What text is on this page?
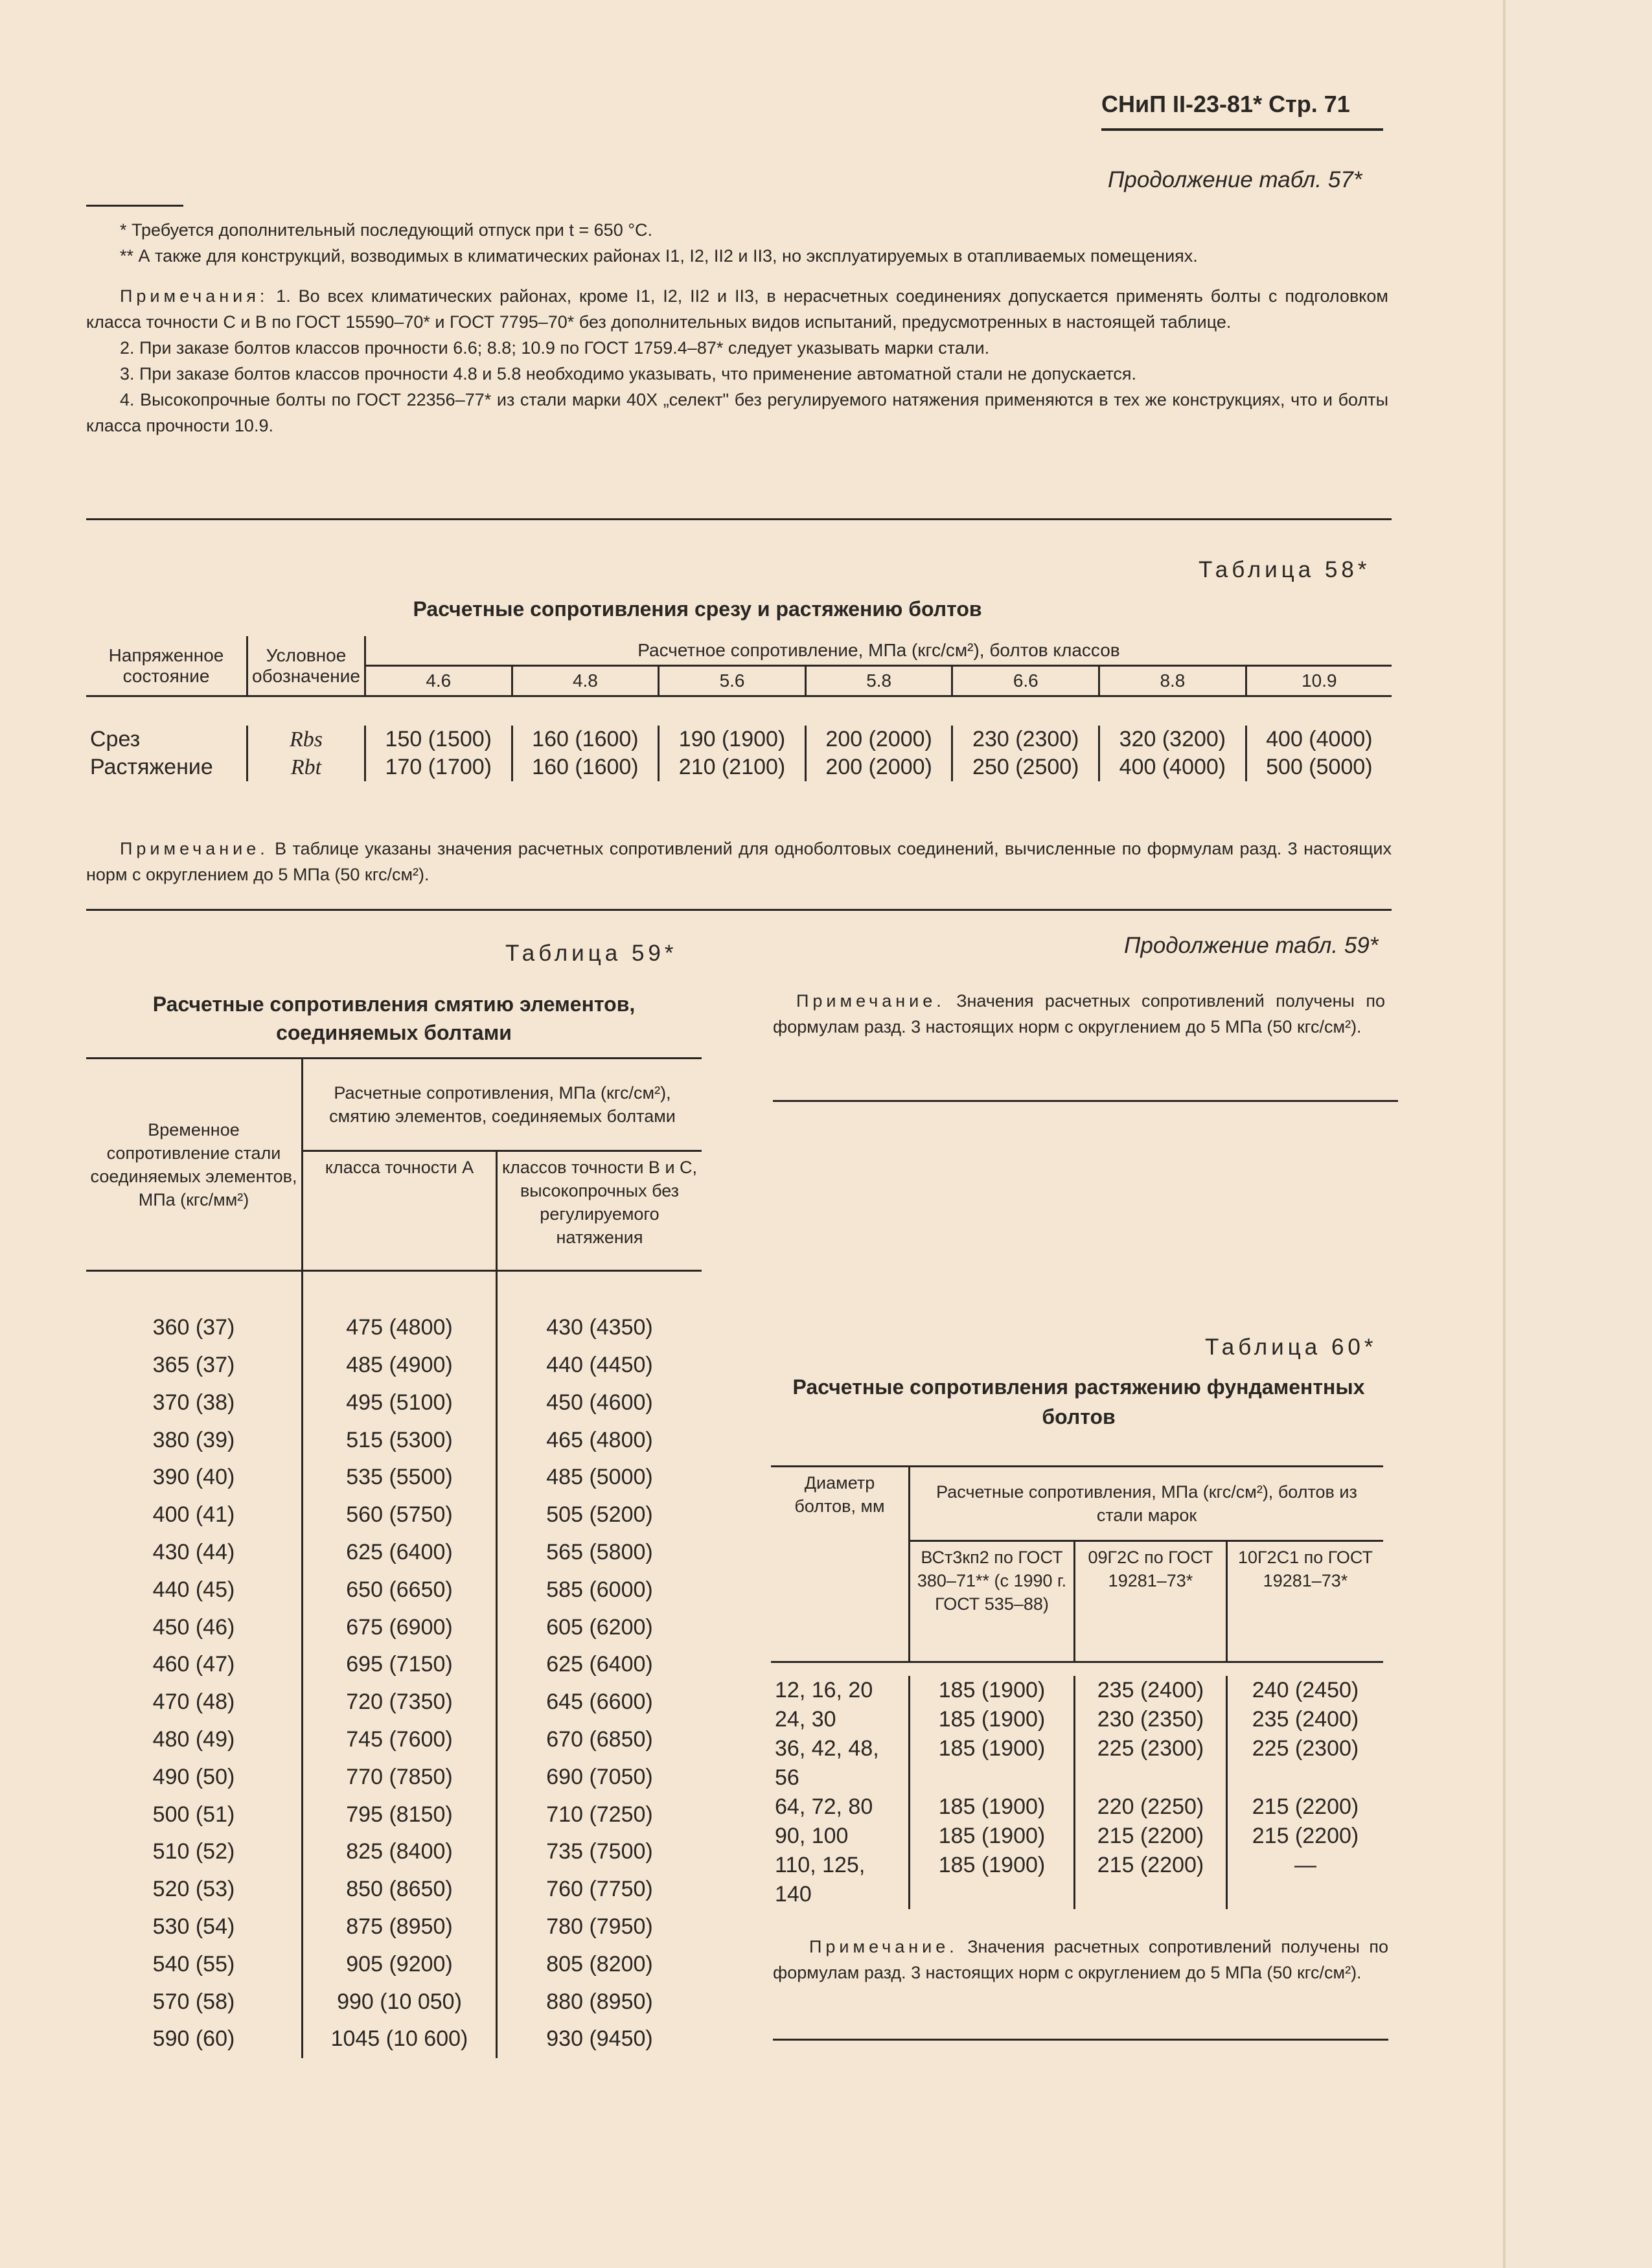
СНиП II-23-81* Стр. 71
Продолжение табл. 57*

* Требуется дополнительный последующий отпуск при t = 650 °С.

** А также для конструкций, возводимых в климатических районах I1, I2, II2 и II3, но эксплуатируемых в отапливаемых помещениях.

Примечания: 1. Во всех климатических районах, кроме I1, I2, II2 и II3, в нерасчетных соединениях допускается применять болты с подголовком класса точности С и В по ГОСТ 15590–70* и ГОСТ 7795–70* без дополнительных видов испытаний, предусмотренных в настоящей таблице.

2. При заказе болтов классов прочности 6.6; 8.8; 10.9 по ГОСТ 1759.4–87* следует указывать марки стали.

3. При заказе болтов классов прочности 4.8 и 5.8 необходимо указывать, что применение автоматной стали не допускается.

4. Высокопрочные болты по ГОСТ 22356–77* из стали марки 40Х „селект" без регулируемого натяжения применяются в тех же конструкциях, что и болты класса прочности 10.9.

Таблица 58*
Расчетные сопротивления срезу и растяжению болтов
Напряженное состояние	Условное обозначение	Расчетное сопротивление, МПа (кгс/см²), болтов классов						
		4.6	4.8	5.6	5.8	6.6	8.8	10.9

Срез	Rbs	150 (1500)	160 (1600)	190 (1900)	200 (2000)	230 (2300)	320 (3200)	400 (4000)
Растяжение	Rbt	170 (1700)	160 (1600)	210 (2100)	200 (2000)	250 (2500)	400 (4000)	500 (5000)
Примечание. В таблице указаны значения расчетных сопротивлений для одноболтовых соединений, вычисленные по формулам разд. 3 настоящих норм с округлением до 5 МПа (50 кгс/см²).
Таблица 59*
Расчетные сопротивления смятию элементов, соединяемых болтами
Временное сопротивление стали соединяемых элементов, МПа (кгс/мм²)	Расчетные сопротивления, МПа (кгс/см²), смятию элементов, соединяемых болтами	
	класса точности А	классов точности В и С, высокопрочных без регулируемого натяжения

360 (37)	475 (4800)	430 (4350)
365 (37)	485 (4900)	440 (4450)
370 (38)	495 (5100)	450 (4600)
380 (39)	515 (5300)	465 (4800)
390 (40)	535 (5500)	485 (5000)
400 (41)	560 (5750)	505 (5200)
430 (44)	625 (6400)	565 (5800)
440 (45)	650 (6650)	585 (6000)
450 (46)	675 (6900)	605 (6200)
460 (47)	695 (7150)	625 (6400)
470 (48)	720 (7350)	645 (6600)
480 (49)	745 (7600)	670 (6850)
490 (50)	770 (7850)	690 (7050)
500 (51)	795 (8150)	710 (7250)
510 (52)	825 (8400)	735 (7500)
520 (53)	850 (8650)	760 (7750)
530 (54)	875 (8950)	780 (7950)
540 (55)	905 (9200)	805 (8200)
570 (58)	990 (10 050)	880 (8950)
590 (60)	1045 (10 600)	930 (9450)
Продолжение табл. 59*
Примечание. Значения расчетных сопротивлений получены по формулам разд. 3 настоящих норм с округлением до 5 МПа (50 кгс/см²).
Таблица 60*
Расчетные сопротивления растяжению фундаментных болтов
Диаметр болтов, мм	Расчетные сопротивления, МПа (кгс/см²), болтов из стали марок		
	ВСт3кп2 по ГОСТ 380–71** (с 1990 г. ГОСТ 535–88)	09Г2С по ГОСТ 19281–73*	10Г2С1 по ГОСТ 19281–73*

12, 16, 20	185 (1900)	235 (2400)	240 (2450)
24, 30	185 (1900)	230 (2350)	235 (2400)
36, 42, 48, 56	185 (1900)	225 (2300)	225 (2300)
64, 72, 80	185 (1900)	220 (2250)	215 (2200)
90, 100	185 (1900)	215 (2200)	215 (2200)
110, 125, 140	185 (1900)	215 (2200)	—
Примечание. Значения расчетных сопротивлений получены по формулам разд. 3 настоящих норм с округлением до 5 МПа (50 кгс/см²).
